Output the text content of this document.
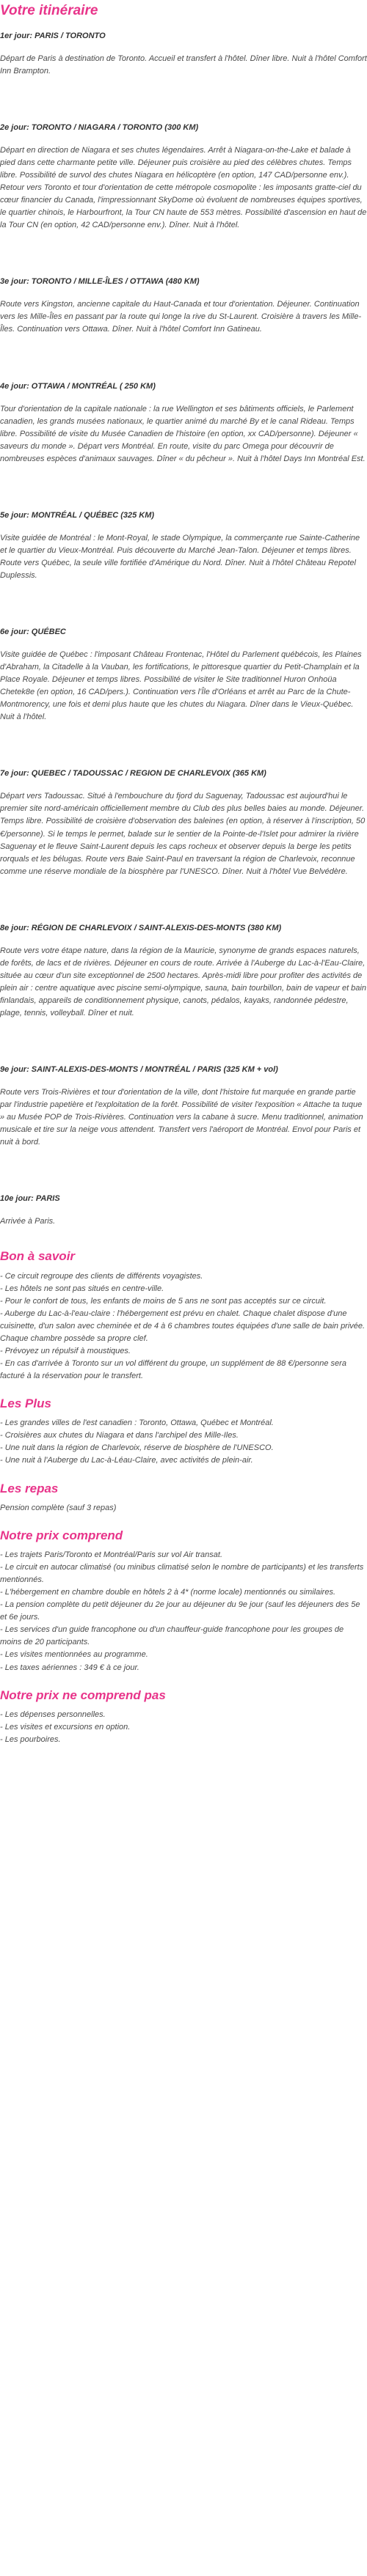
Votre itinéraire

1er jour: PARIS / TORONTO

Départ de Paris à destination de Toronto. Accueil et transfert à l'hôtel. Dîner libre. Nuit à l'hôtel Comfort Inn Brampton.

2e jour: TORONTO / NIAGARA / TORONTO (300 KM)

Départ en direction de Niagara et ses chutes légendaires. Arrêt à Niagara-on-the-Lake et balade à pied dans cette charmante petite ville. Déjeuner puis croisière au pied des célèbres chutes. Temps libre. Possibilité de survol des chutes Niagara en hélicoptère (en option, 147 CAD/personne env.). Retour vers Toronto et tour d'orientation de cette métropole cosmopolite : les imposants gratte-ciel du cœur financier du Canada, l'impressionnant SkyDome où évoluent de nombreuses équipes sportives, le quartier chinois, le Harbourfront, la Tour CN haute de 553 mètres. Possibilité d'ascension en haut de la Tour CN (en option, 42 CAD/personne env.). Dîner. Nuit à l'hôtel.

3e jour: TORONTO / MILLE-ÎLES / OTTAWA (480 KM)

Route vers Kingston, ancienne capitale du Haut-Canada et tour d'orientation. Déjeuner. Continuation vers les Mille-Îles en passant par la route qui longe la rive du St-Laurent. Croisière à travers les Mille-Îles. Continuation vers Ottawa. Dîner. Nuit à l'hôtel Comfort Inn Gatineau.

4e jour: OTTAWA / MONTRÉAL ( 250 KM)

Tour d'orientation de la capitale nationale : la rue Wellington et ses bâtiments officiels, le Parlement canadien, les grands musées nationaux, le quartier animé du marché By et le canal Rideau. Temps libre. Possibilité de visite du Musée Canadien de l'histoire (en option, xx CAD/personne). Déjeuner « saveurs du monde ». Départ vers Montréal. En route, visite du parc Omega pour découvrir de nombreuses espèces d'animaux sauvages. Dîner « du pêcheur ». Nuit à l'hôtel Days Inn Montréal Est.

5e jour: MONTRÉAL / QUÉBEC (325 KM)

Visite guidée de Montréal : le Mont-Royal, le stade Olympique, la commerçante rue Sainte-Catherine et le quartier du Vieux-Montréal. Puis découverte du Marché Jean-Talon. Déjeuner et temps libres. Route vers Québec, la seule ville fortifiée d'Amérique du Nord. Dîner. Nuit à l'hôtel Château Repotel Duplessis.

6e jour: QUÉBEC

Visite guidée de Québec : l'imposant Château Frontenac, l'Hôtel du Parlement québécois, les Plaines d'Abraham, la Citadelle à la Vauban, les fortifications, le pittoresque quartier du Petit-Champlain et la Place Royale. Déjeuner et temps libres. Possibilité de visiter le Site traditionnel Huron Onhoüa Chetek8e (en option, 16 CAD/pers.). Continuation vers l'Île d'Orléans et arrêt au Parc de la Chute-Montmorency, une fois et demi plus haute que les chutes du Niagara. Dîner dans le Vieux-Québec. Nuit à l'hôtel.

7e jour: QUEBEC / TADOUSSAC / REGION DE CHARLEVOIX (365 KM)

Départ vers Tadoussac. Situé à l'embouchure du fjord du Saguenay, Tadoussac est aujourd'hui le premier site nord-américain officiellement membre du Club des plus belles baies au monde. Déjeuner. Temps libre. Possibilité de croisière d'observation des baleines (en option, à réserver à l'inscription, 50 €/personne). Si le temps le permet, balade sur le sentier de la Pointe-de-l'Islet pour admirer la rivière Saguenay et le fleuve Saint-Laurent depuis les caps rocheux et observer depuis la berge les petits rorquals et les bélugas. Route vers Baie Saint-Paul en traversant la région de Charlevoix, reconnue comme une réserve mondiale de la biosphère par l'UNESCO. Dîner. Nuit à l'hôtel Vue Belvédère.

8e jour: RÉGION DE CHARLEVOIX / SAINT-ALEXIS-DES-MONTS (380 KM)

Route vers votre étape nature, dans la région de la Mauricie, synonyme de grands espaces naturels, de forêts, de lacs et de rivières. Déjeuner en cours de route. Arrivée à l'Auberge du Lac-à-l'Eau-Claire, située au cœur d'un site exceptionnel de 2500 hectares. Après-midi libre pour profiter des activités de plein air : centre aquatique avec piscine semi-olympique, sauna, bain tourbillon, bain de vapeur et bain finlandais, appareils de conditionnement physique, canots, pédalos, kayaks, randonnée pédestre, plage, tennis, volleyball. Dîner et nuit.

9e jour: SAINT-ALEXIS-DES-MONTS / MONTRÉAL / PARIS (325 KM + vol)

Route vers Trois-Rivières et tour d'orientation de la ville, dont l'histoire fut marquée en grande partie par l'industrie papetière et l'exploitation de la forêt. Possibilité de visiter l'exposition « Attache ta tuque » au Musée POP de Trois-Rivières. Continuation vers la cabane à sucre. Menu traditionnel, animation musicale et tire sur la neige vous attendent. Transfert vers l'aéroport de Montréal. Envol pour Paris et nuit à bord.

10e jour: PARIS

Arrivée à Paris.

Bon à savoir
- Ce circuit regroupe des clients de différents voyagistes.
- Les hôtels ne sont pas situés en centre-ville.
- Pour le confort de tous, les enfants de moins de 5 ans ne sont pas acceptés sur ce circuit.
- Auberge du Lac-à-l'eau-claire : l'hébergement est prévu en chalet. Chaque chalet dispose d'une cuisinette, d'un salon avec cheminée et de 4 à 6 chambres toutes équipées d'une salle de bain privée. Chaque chambre possède sa propre clef.
- Prévoyez un répulsif à moustiques.
- En cas d'arrivée à Toronto sur un vol différent du groupe, un supplément de 88 €/personne sera facturé à la réservation pour le transfert.
Les Plus
- Les grandes villes de l'est canadien : Toronto, Ottawa, Québec et Montréal.
- Croisières aux chutes du Niagara et dans l'archipel des Mille-Iles.
- Une nuit dans la région de Charlevoix, réserve de biosphère de l'UNESCO.
- Une nuit à l'Auberge du Lac-à-Léau-Claire, avec activités de plein-air.
Les repas

Pension complète (sauf 3 repas)

Notre prix comprend
- Les trajets Paris/Toronto et Montréal/Paris sur vol Air transat.
- Le circuit en autocar climatisé (ou minibus climatisé selon le nombre de participants) et les transferts mentionnés.
- L'hébergement en chambre double en hôtels 2 à 4* (norme locale) mentionnés ou similaires.
- La pension complète du petit déjeuner du 2e jour au déjeuner du 9e jour (sauf les déjeuners des 5e et 6e jours.
- Les services d'un guide francophone ou d'un chauffeur-guide francophone pour les groupes de moins de 20 participants.
- Les visites mentionnées au programme.
- Les taxes aériennes : 349 € à ce jour.
Notre prix ne comprend pas
- Les dépenses personnelles.
- Les visites et excursions en option.
- Les pourboires.
